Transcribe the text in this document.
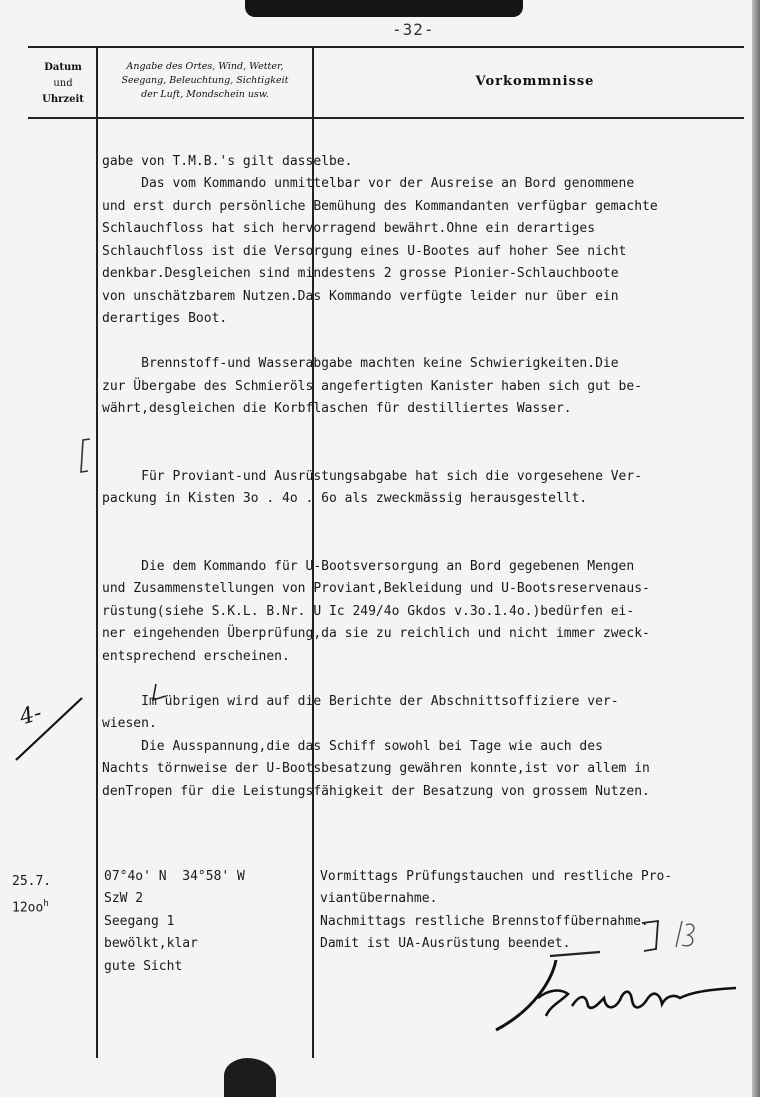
-32-
Datum
und
Uhrzeit
Angabe des Ortes, Wind, Wetter,
Seegang, Beleuchtung, Sichtigkeit
der Luft, Mondschein usw.
Vorkommnisse

gabe von T.M.B.'s gilt dasselbe.
Das vom Kommando unmittelbar vor der Ausreise an Bord genommene
und erst durch persönliche Bemühung des Kommandanten verfügbar gemachte
Schlauchfloss hat sich hervorragend bewährt.Ohne ein derartiges
Schlauchfloss ist die Versorgung eines U-Bootes auf hoher See nicht
denkbar.Desgleichen sind mindestens 2 grosse Pionier-Schlauchboote
von unschätzbarem Nutzen.Das Kommando verfügte leider nur über ein
derartiges Boot.

Brennstoff-und Wasserabgabe machten keine Schwierigkeiten.Die
zur Übergabe des Schmieröls angefertigten Kanister haben sich gut be-
währt,desgleichen die Korbflaschen für destilliertes Wasser.

Für Proviant-und Ausrüstungsabgabe hat sich die vorgesehene Ver-
packung in Kisten 3o . 4o . 6o als zweckmässig herausgestellt.

Die dem Kommando für U-Bootsversorgung an Bord gegebenen Mengen
und Zusammenstellungen von Proviant,Bekleidung und U-Bootsreservenaus-
rüstung(siehe S.K.L. B.Nr. U Ic 249/4o Gkdos v.3o.1.4o.)bedürfen ei-
ner eingehenden Überprüfung,da sie zu reichlich und nicht immer zweck-
entsprechend erscheinen.

Im übrigen wird auf die Berichte der Abschnittsoffiziere ver-
wiesen.
Die Ausspannung,die das Schiff sowohl bei Tage wie auch des
Nachts törnweise der U-Bootsbesatzung gewähren konnte,ist vor allem in
denTropen für die Leistungsfähigkeit der Besatzung von grossem Nutzen.

25.7.
$12oo^h$

07°4o' N  34°58' W
SzW 2
Seegang 1
bewölkt,klar
gute Sicht

Vormittags Prüfungstauchen und restliche Pro-
viantübernahme.
Nachmittags restliche Brennstoffübernahme.
Damit ist UA-Ausrüstung beendet.

4-
